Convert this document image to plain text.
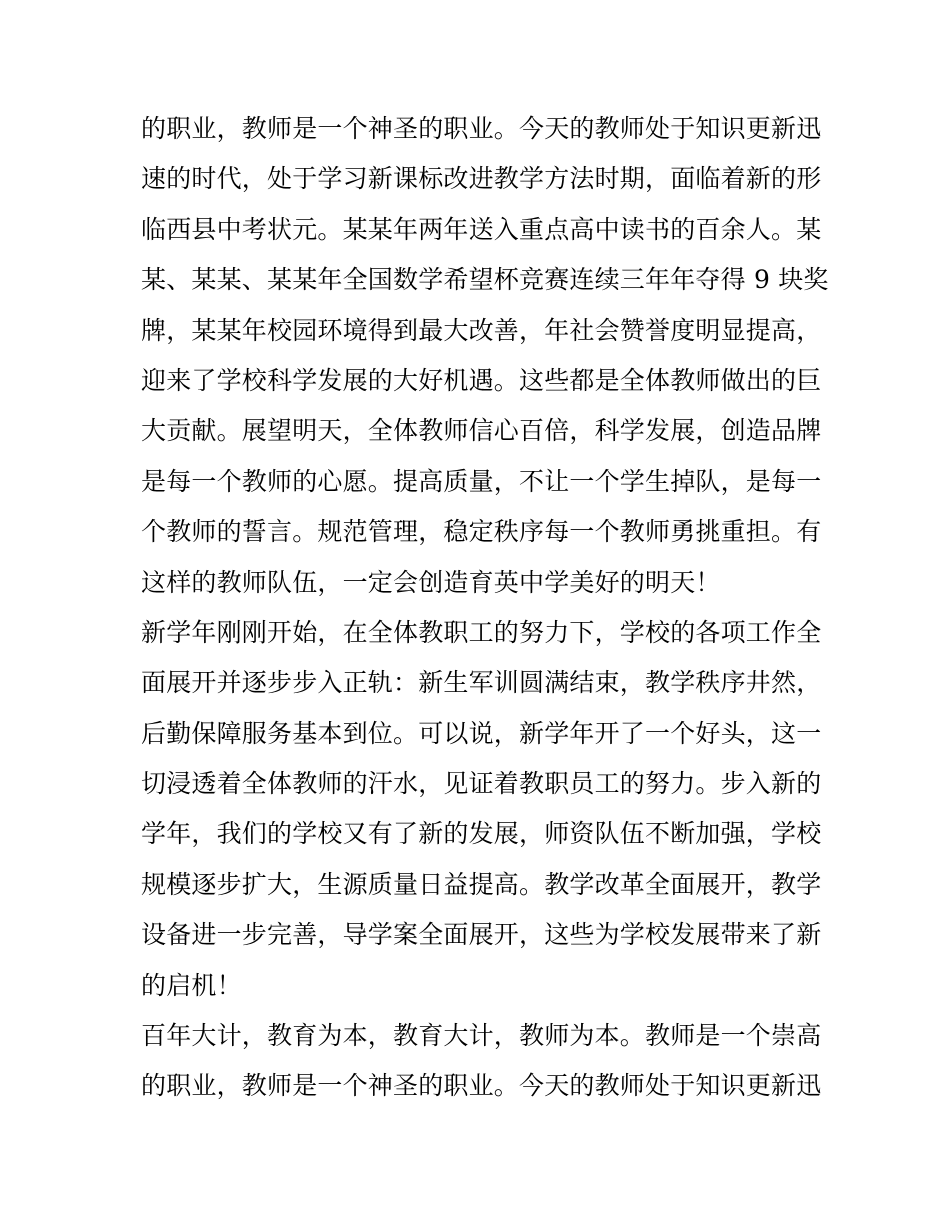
的职业，教师是一个神圣的职业。今天的教师处于知识更新迅
速的时代，处于学习新课标改进教学方法时期，面临着新的形
临西县中考状元。某某年两年送入重点高中读书的百余人。某
某、某某、某某年全国数学希望杯竞赛连续三年年夺得 9 块奖
牌，某某年校园环境得到最大改善，年社会赞誉度明显提高，
迎来了学校科学发展的大好机遇。这些都是全体教师做出的巨
大贡献。展望明天，全体教师信心百倍，科学发展，创造品牌
是每一个教师的心愿。提高质量，不让一个学生掉队，是每一
个教师的誓言。规范管理，稳定秩序每一个教师勇挑重担。有
这样的教师队伍，一定会创造育英中学美好的明天！

新学年刚刚开始，在全体教职工的努力下，学校的各项工作全
面展开并逐步步入正轨：新生军训圆满结束，教学秩序井然，
后勤保障服务基本到位。可以说，新学年开了一个好头，这一
切浸透着全体教师的汗水，见证着教职员工的努力。步入新的
学年，我们的学校又有了新的发展，师资队伍不断加强，学校
规模逐步扩大，生源质量日益提高。教学改革全面展开，教学
设备进一步完善，导学案全面展开，这些为学校发展带来了新
的启机！

百年大计，教育为本，教育大计，教师为本。教师是一个崇高
的职业，教师是一个神圣的职业。今天的教师处于知识更新迅
